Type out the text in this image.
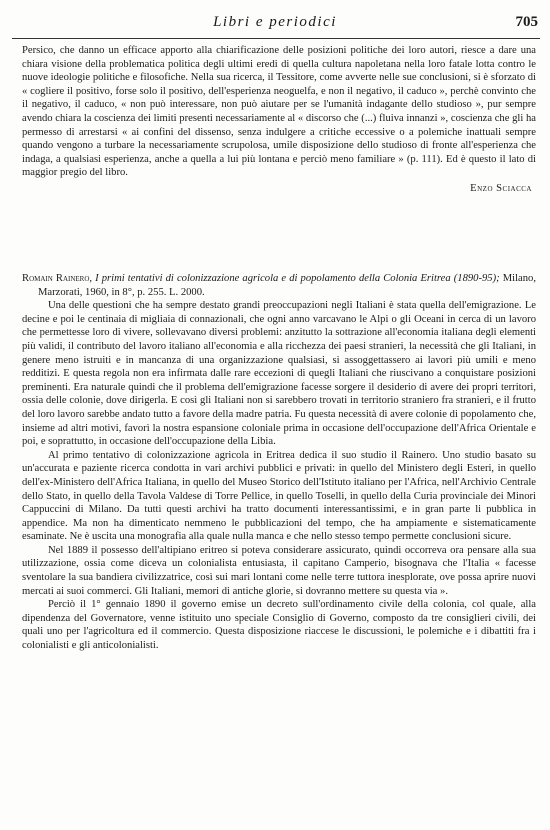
Libri e periodici	705

Persico, che danno un efficace apporto alla chiarificazione delle posizioni politiche dei loro autori, riesce a dare una chiara visione della problematica politica degli ultimi eredi di quella cultura napoletana nella loro fatale lotta contro le nuove ideologie politiche e filosofiche. Nella sua ricerca, il Tessitore, come avverte nelle sue conclusioni, si è sforzato di « cogliere il positivo, forse solo il positivo, dell'esperienza neoguelfa, e non il negativo, il caduco », perchè convinto che il negativo, il caduco, « non può interessare, non può aiutare per se l'umanità indagante dello studioso », pur sempre avendo chiara la coscienza dei limiti presenti necessariamente al « discorso che (...) fluiva innanzi », coscienza che gli ha permesso di arrestarsi « ai confini del dissenso, senza indulgere a critiche eccessive o a polemiche inattuali sempre quando vengono a turbare la necessariamente scrupolosa, umile disposizione dello studioso di fronte all'esperienza che indaga, a qualsiasi esperienza, anche a quella a lui più lontana e perciò meno familiare » (p. 111). Ed è questo il lato di maggior pregio del libro.

Enzo Sciacca

Romain Rainero, I primi tentativi di colonizzazione agricola e di popolamento della Colonia Eritrea (1890-95); Milano, Marzorati, 1960, in 8°, p. 255. L. 2000.

Una delle questioni che ha sempre destato grandi preoccupazioni negli Italiani è stata quella dell'emigrazione. Le decine e poi le centinaia di migliaia di connazionali, che ogni anno varcavano le Alpi o gli Oceani in cerca di un lavoro che permettesse loro di vivere, sollevavano diversi problemi: anzitutto la sottrazione all'economia italiana degli elementi più validi, il contributo del lavoro italiano all'economia e alla ricchezza dei paesi stranieri, la necessità che gli Italiani, in genere meno istruiti e in mancanza di una organizzazione qualsiasi, si assoggettassero ai lavori più umili e meno redditizi. E questa regola non era infirmata dalle rare eccezioni di quegli Italiani che riuscivano a conquistare posizioni preminenti. Era naturale quindi che il problema dell'emigrazione facesse sorgere il desiderio di avere dei propri territori, ossia delle colonie, dove dirigerla. E così gli Italiani non si sarebbero trovati in territorio straniero fra stranieri, e il frutto del loro lavoro sarebbe andato tutto a favore della madre patria. Fu questa necessità di avere colonie di popolamento che, insieme ad altri motivi, favorì la nostra espansione coloniale prima in occasione dell'occupazione dell'Africa Orientale e poi, e soprattutto, in occasione dell'occupazione della Libia.

Al primo tentativo di colonizzazione agricola in Eritrea dedica il suo studio il Rainero. Uno studio basato su un'accurata e paziente ricerca condotta in vari archivi pubblici e privati: in quello del Ministero degli Esteri, in quello dell'ex-Ministero dell'Africa Italiana, in quello del Museo Storico dell'Istituto italiano per l'Africa, nell'Archivio Centrale dello Stato, in quello della Tavola Valdese di Torre Pellice, in quello Toselli, in quello della Curia provinciale dei Minori Cappuccini di Milano. Da tutti questi archivi ha tratto documenti interessantissimi, e in gran parte li pubblica in appendice. Ma non ha dimenticato nemmeno le pubblicazioni del tempo, che ha ampiamente e sistematicamente esaminate. Ne è uscita una monografia alla quale nulla manca e che nello stesso tempo permette conclusioni sicure.

Nel 1889 il possesso dell'altipiano eritreo si poteva considerare assicurato, quindi occorreva ora pensare alla sua utilizzazione, ossia come diceva un colonialista entusiasta, il capitano Camperio, bisognava che l'Italia « facesse sventolare la sua bandiera civilizzatrice, così sui mari lontani come nelle terre tuttora inesplorate, ove possa aprire nuovi mercati ai suoi commerci. Gli Italiani, memori di antiche glorie, si dovranno mettere su questa via ».

Perciò il 1° gennaio 1890 il governo emise un decreto sull'ordinamento civile della colonia, col quale, alla dipendenza del Governatore, venne istituito uno speciale Consiglio di Governo, composto da tre consiglieri civili, dei quali uno per l'agricoltura ed il commercio. Questa disposizione riaccese le discussioni, le polemiche e i dibattiti fra i colonialisti e gli anticolonialisti.
